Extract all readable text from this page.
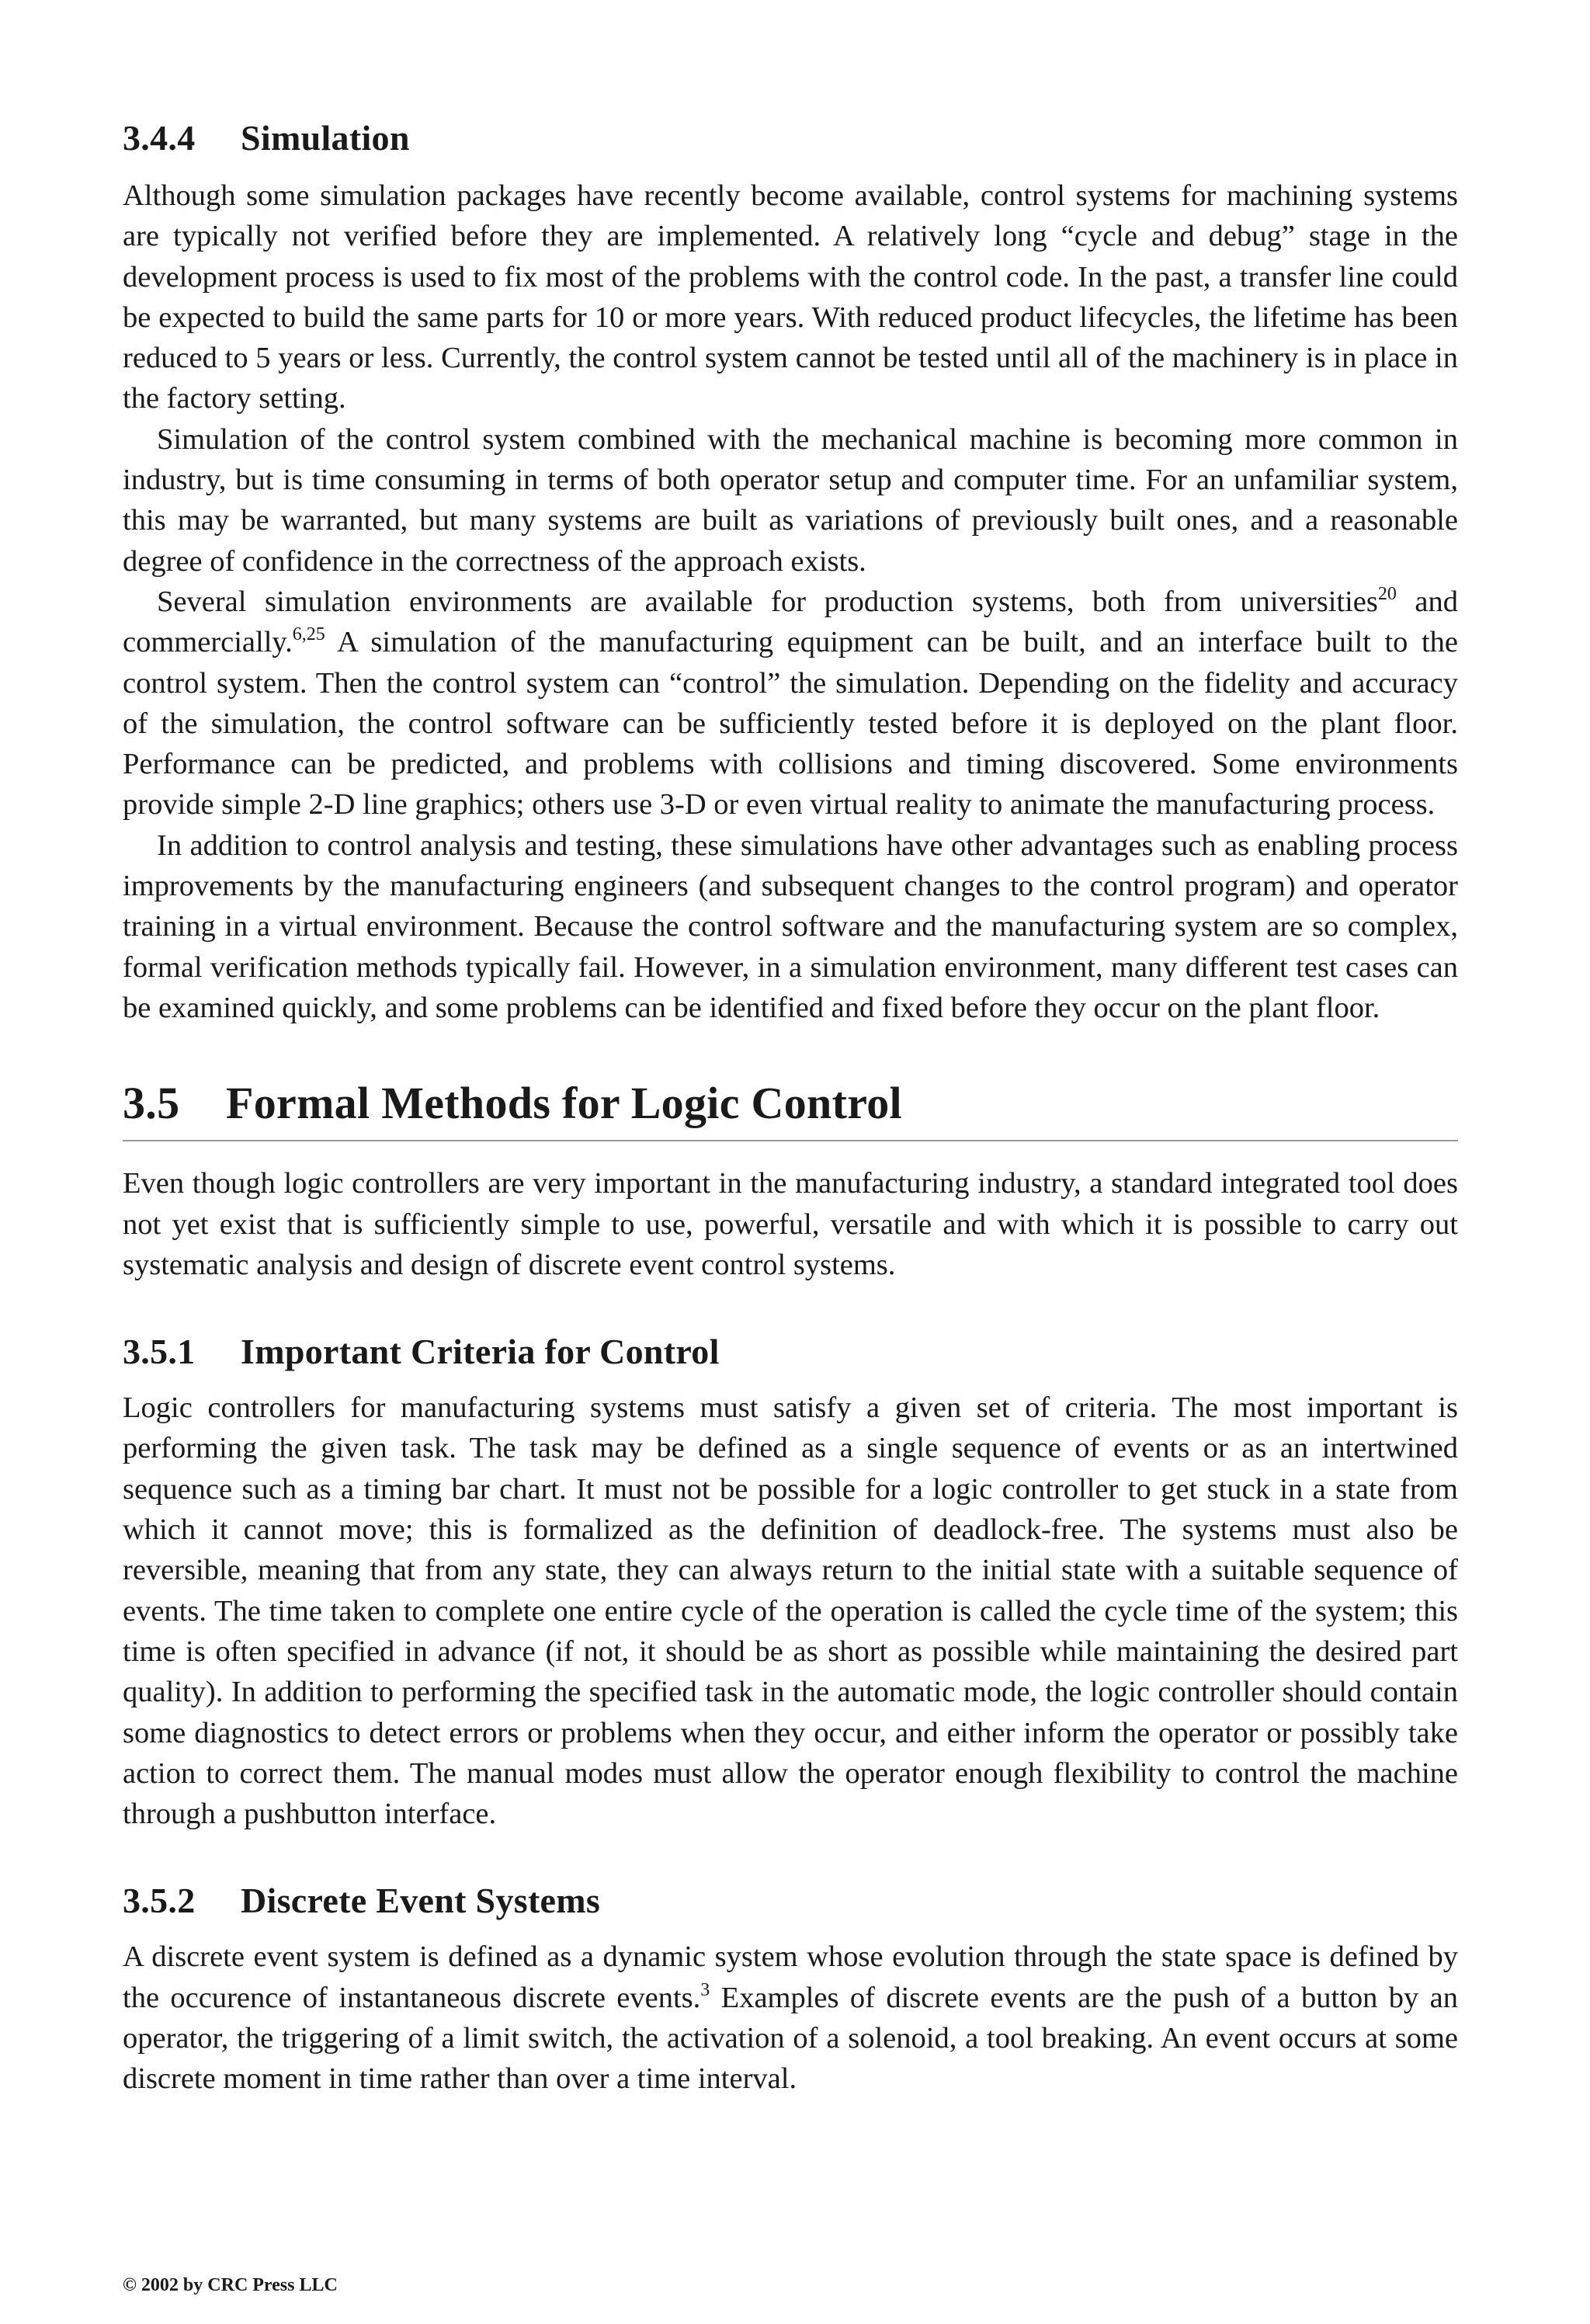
3.4.4 Simulation

Although some simulation packages have recently become available, control systems for machining systems are typically not verified before they are implemented. A relatively long “cycle and debug” stage in the development process is used to fix most of the problems with the control code. In the past, a transfer line could be expected to build the same parts for 10 or more years. With reduced product lifecycles, the lifetime has been reduced to 5 years or less. Currently, the control system cannot be tested until all of the machinery is in place in the factory setting.

Simulation of the control system combined with the mechanical machine is becoming more common in industry, but is time consuming in terms of both operator setup and computer time. For an unfamiliar system, this may be warranted, but many systems are built as variations of previously built ones, and a reasonable degree of confidence in the correctness of the approach exists.

Several simulation environments are available for production systems, both from universities$^{20}$ and commercially.$^{6,25}$ A simulation of the manufacturing equipment can be built, and an interface built to the control system. Then the control system can “control” the simulation. Depending on the fidelity and accuracy of the simulation, the control software can be sufficiently tested before it is deployed on the plant floor. Performance can be predicted, and problems with collisions and timing discovered. Some environments provide simple 2-D line graphics; others use 3-D or even virtual reality to animate the manufacturing process.

In addition to control analysis and testing, these simulations have other advantages such as enabling process improvements by the manufacturing engineers (and subsequent changes to the control program) and operator training in a virtual environment. Because the control software and the manufacturing system are so complex, formal verification methods typically fail. However, in a simulation environment, many different test cases can be examined quickly, and some problems can be identified and fixed before they occur on the plant floor.

3.5 Formal Methods for Logic Control

Even though logic controllers are very important in the manufacturing industry, a standard integrated tool does not yet exist that is sufficiently simple to use, powerful, versatile and with which it is possible to carry out systematic analysis and design of discrete event control systems.

3.5.1 Important Criteria for Control

Logic controllers for manufacturing systems must satisfy a given set of criteria. The most important is performing the given task. The task may be defined as a single sequence of events or as an intertwined sequence such as a timing bar chart. It must not be possible for a logic controller to get stuck in a state from which it cannot move; this is formalized as the definition of deadlock-free. The systems must also be reversible, meaning that from any state, they can always return to the initial state with a suitable sequence of events. The time taken to complete one entire cycle of the operation is called the cycle time of the system; this time is often specified in advance (if not, it should be as short as possible while maintaining the desired part quality). In addition to performing the specified task in the automatic mode, the logic controller should contain some diagnostics to detect errors or problems when they occur, and either inform the operator or possibly take action to correct them. The manual modes must allow the operator enough flexibility to control the machine through a pushbutton interface.

3.5.2 Discrete Event Systems

A discrete event system is defined as a dynamic system whose evolution through the state space is defined by the occurence of instantaneous discrete events.$^3$ Examples of discrete events are the push of a button by an operator, the triggering of a limit switch, the activation of a solenoid, a tool breaking. An event occurs at some discrete moment in time rather than over a time interval.

© 2002 by CRC Press LLC
